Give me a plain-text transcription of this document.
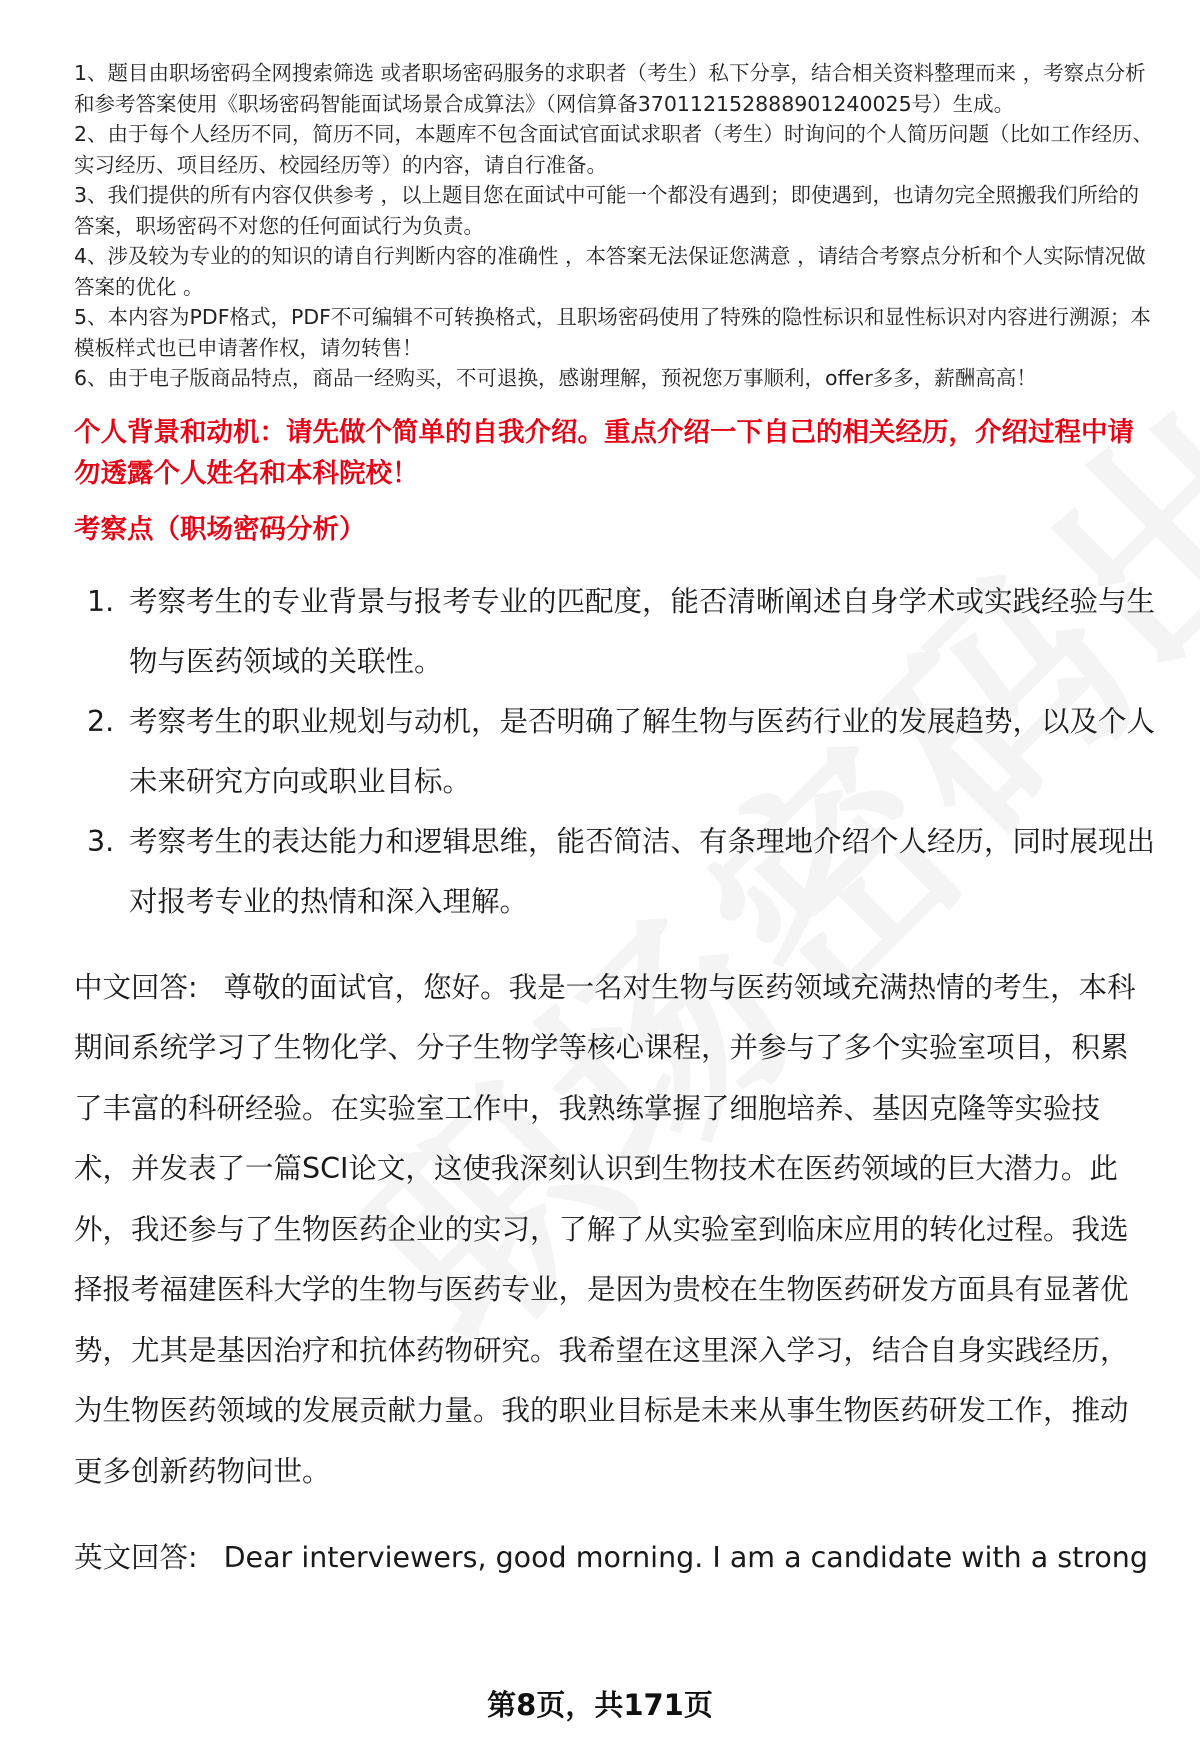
1、题目由职场密码全网搜索筛选 或者职场密码服务的求职者（考生）私下分享，结合相关资料整理而来 ，考察点分析和参考答案使用《职场密码智能面试场景合成算法》（网信算备370112152888901240025号）生成。

2、由于每个人经历不同，简历不同，本题库不包含面试官面试求职者（考生）时询问的个人简历问题（比如工作经历、实习经历、项目经历、校园经历等）的内容，请自行准备。

3、我们提供的所有内容仅供参考 ，以上题目您在面试中可能一个都没有遇到；即使遇到，也请勿完全照搬我们所给的答案，职场密码不对您的任何面试行为负责。

4、涉及较为专业的的知识的请自行判断内容的准确性 ，本答案无法保证您满意 ，请结合考察点分析和个人实际情况做答案的优化 。

5、本内容为PDF格式，PDF不可编辑不可转换格式，且职场密码使用了特殊的隐性标识和显性标识对内容进行溯源；本模板样式也已申请著作权，请勿转售！

6、由于电子版商品特点，商品一经购买，不可退换，感谢理解，预祝您万事顺利，offer多多，薪酬高高！

个人背景和动机：请先做个简单的自我介绍。重点介绍一下自己的相关经历，介绍过程中请勿透露个人姓名和本科院校！
考察点（职场密码分析）
1. 考察考生的专业背景与报考专业的匹配度，能否清晰阐述自身学术或实践经验与生物与医药领域的关联性。
2. 考察考生的职业规划与动机，是否明确了解生物与医药行业的发展趋势，以及个人未来研究方向或职业目标。
3. 考察考生的表达能力和逻辑思维，能否简洁、有条理地介绍个人经历，同时展现出对报考专业的热情和深入理解。
中文回答: 尊敬的面试官，您好。我是一名对生物与医药领域充满热情的考生，本科期间系统学习了生物化学、分子生物学等核心课程，并参与了多个实验室项目，积累了丰富的科研经验。在实验室工作中，我熟练掌握了细胞培养、基因克隆等实验技术，并发表了一篇SCI论文，这使我深刻认识到生物技术在医药领域的巨大潜力。此外，我还参与了生物医药企业的实习，了解了从实验室到临床应用的转化过程。我选择报考福建医科大学的生物与医药专业，是因为贵校在生物医药研发方面具有显著优势，尤其是基因治疗和抗体药物研究。我希望在这里深入学习，结合自身实践经历，为生物医药领域的发展贡献力量。我的职业目标是未来从事生物医药研发工作，推动更多创新药物问世。
英文回答: Dear interviewers, good morning. I am a candidate with a strong
第8页，共171页
